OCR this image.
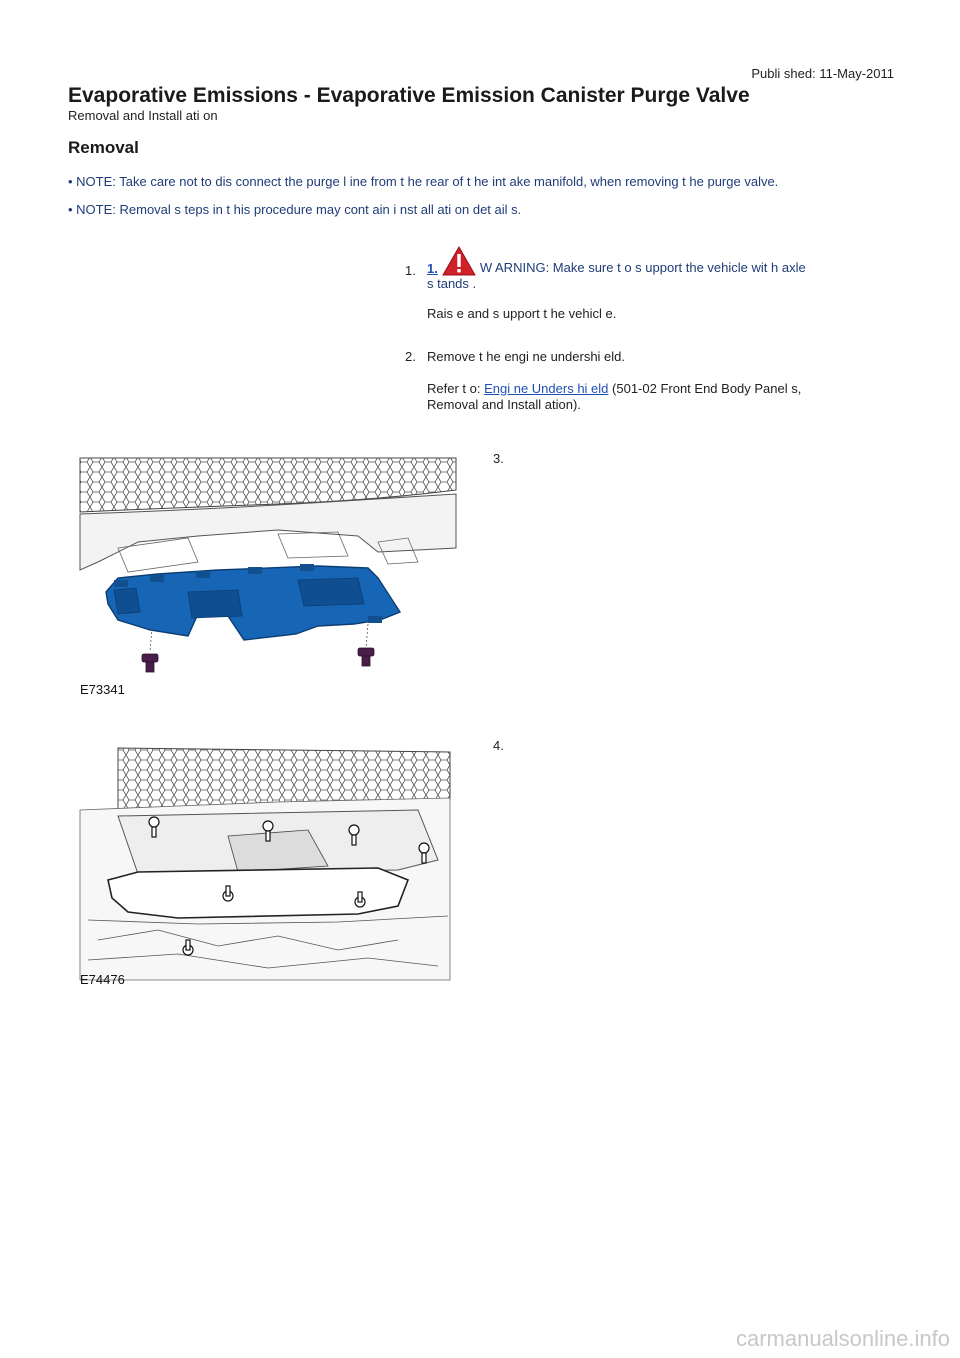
Publi shed: 11-May-2011
Evaporative Emissions - Evaporative Emission Canister Purge Valve
Removal and Install ati on
Removal
• NOTE: Take care not to dis connect the purge l ine from t he rear of t he int ake manifold, when removing t he purge valve.
• NOTE: Removal s teps in t his procedure may cont ain i nst all ati on det ail s.
1. 1.	W ARNING: Make sure t o s upport the vehicle wit h axle
s tands .
Rais e and s upport t he vehicl e.
2. Remove t he engi ne undershi eld.
Refer t o: Engi ne Unders hi eld (501-02 Front End Body Panel s,
Removal and Install ation).
3.
E73341
4.
E74476
carmanualsonline.info
